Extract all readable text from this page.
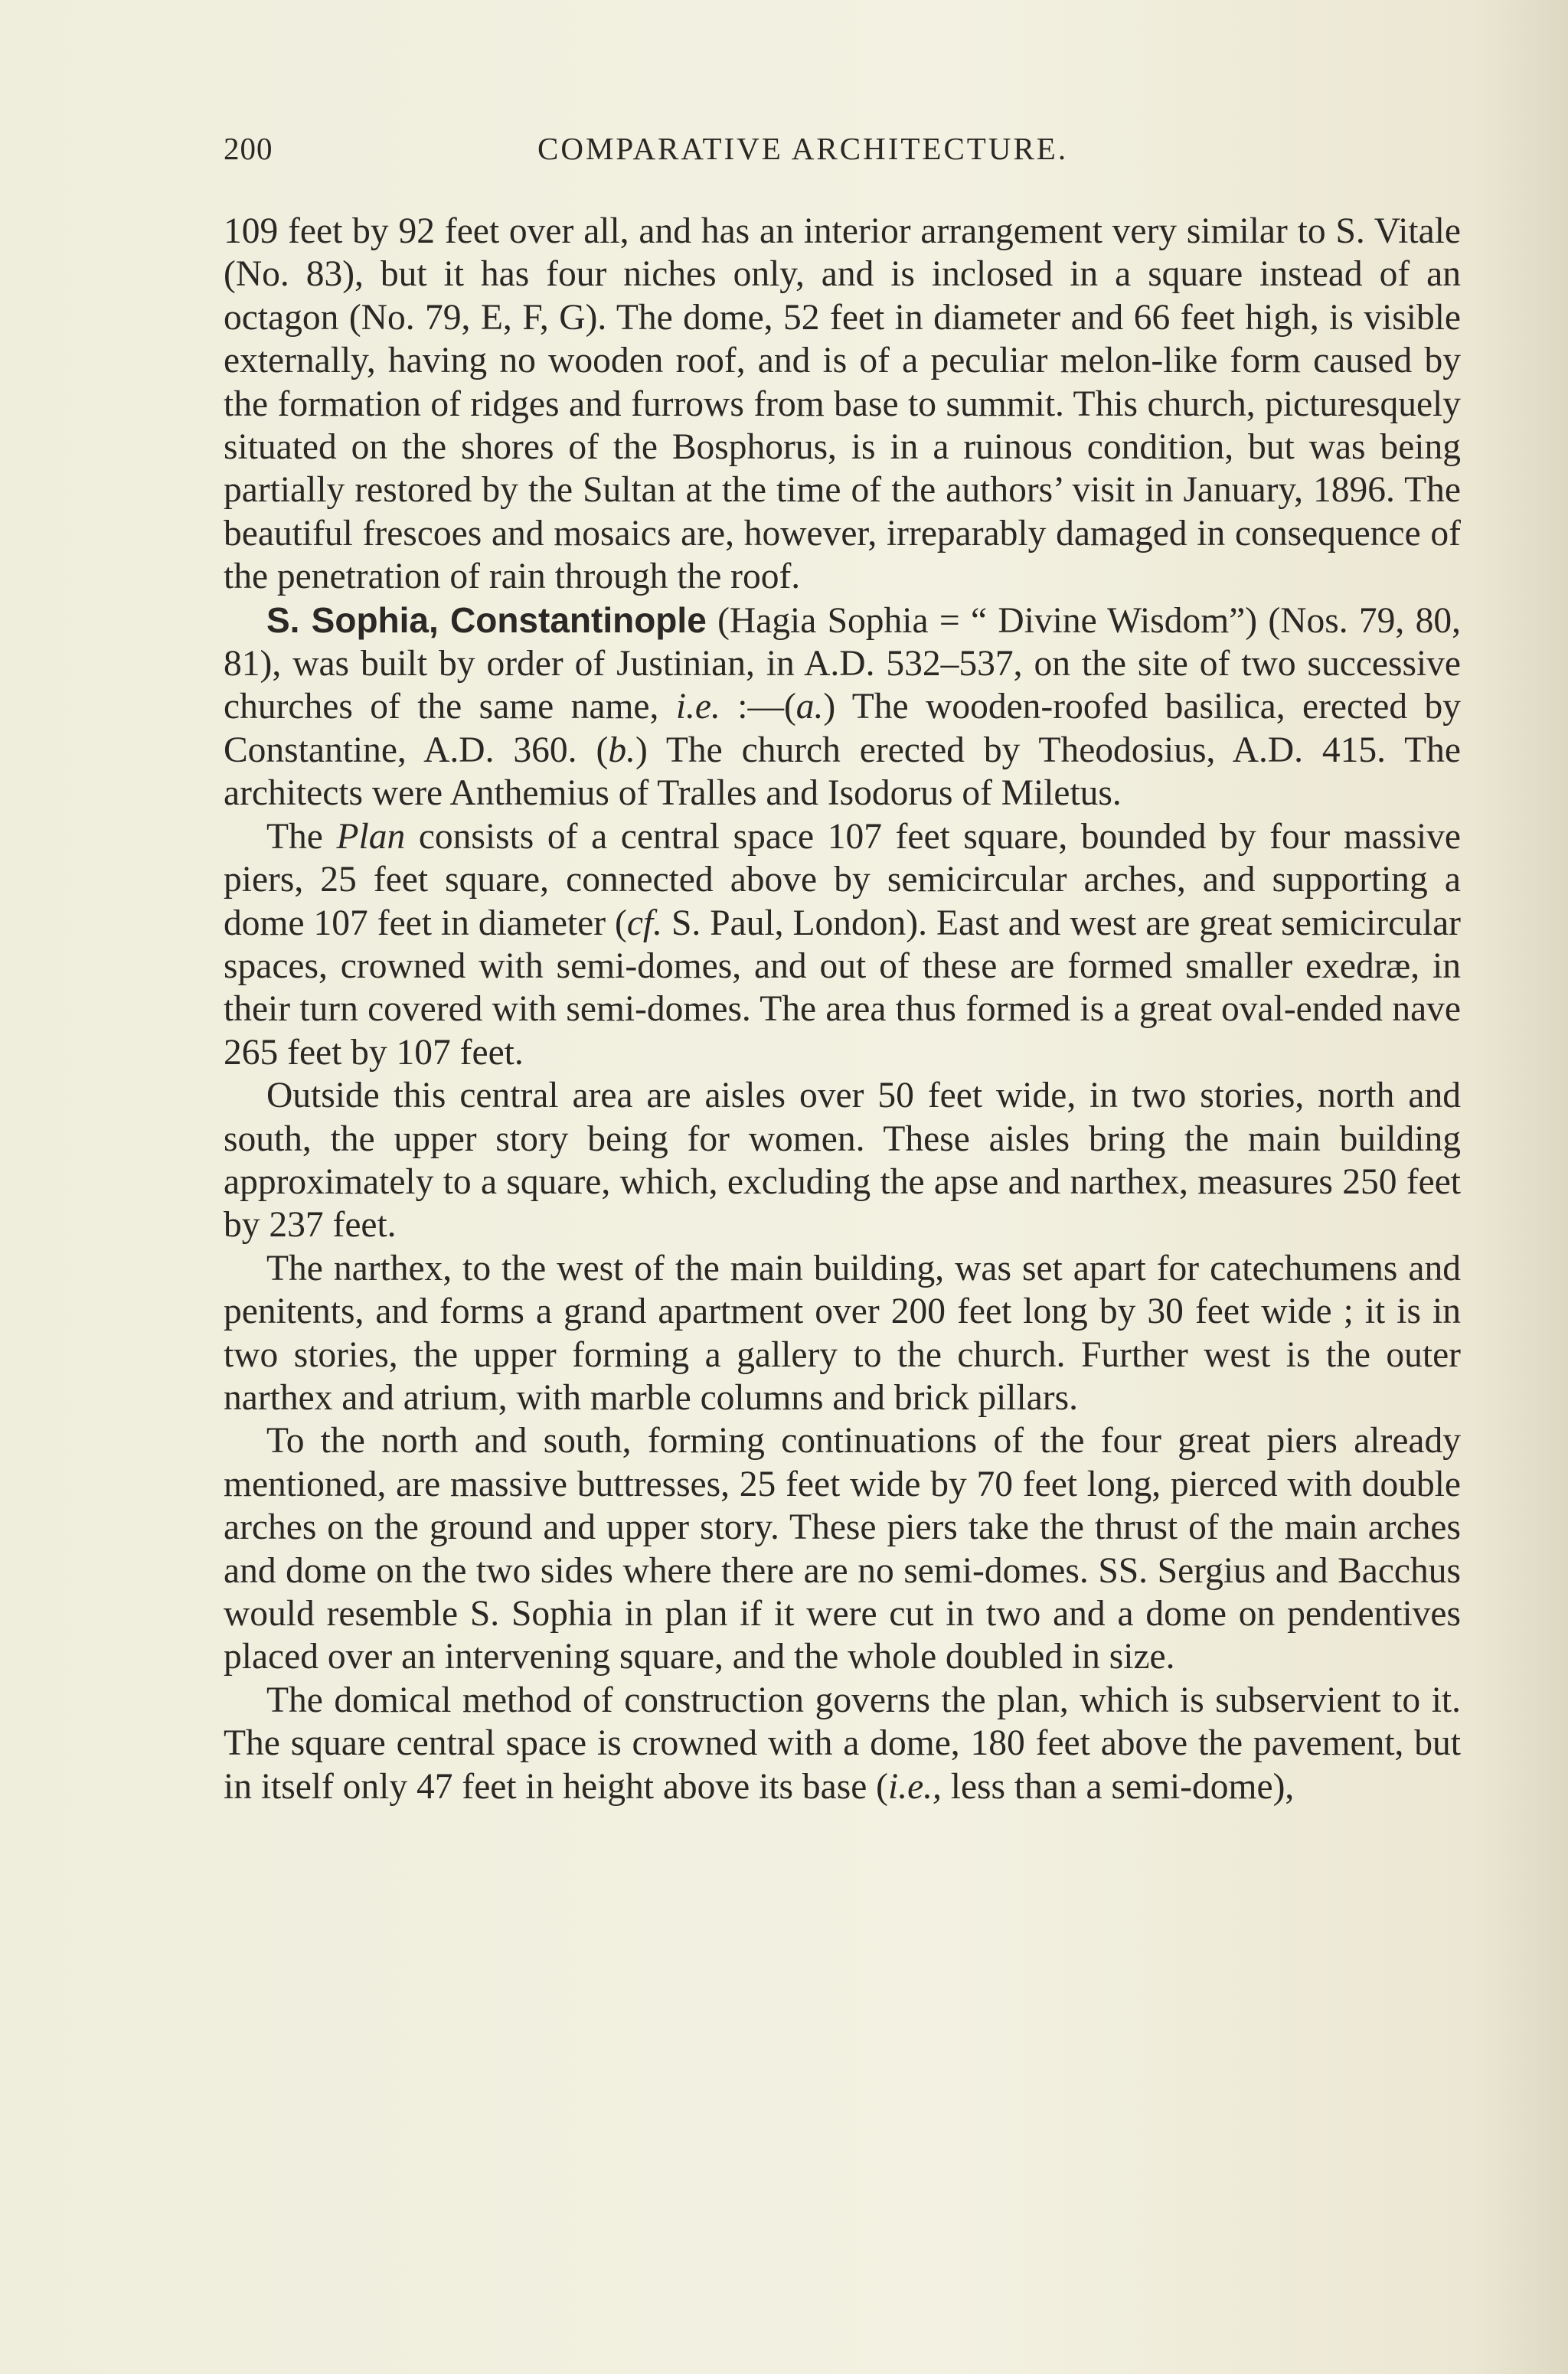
200	COMPARATIVE ARCHITECTURE.

109 feet by 92 feet over all, and has an interior arrangement very similar to S. Vitale (No. 83), but it has four niches only, and is inclosed in a square instead of an octagon (No. 79, E, F, G). The dome, 52 feet in diameter and 66 feet high, is visible externally, having no wooden roof, and is of a peculiar melon-like form caused by the formation of ridges and furrows from base to summit. This church, picturesquely situated on the shores of the Bosphorus, is in a ruinous condition, but was being partially restored by the Sultan at the time of the authors’ visit in January, 1896. The beautiful frescoes and mosaics are, however, irreparably damaged in consequence of the penetration of rain through the roof.

S. Sophia, Constantinople (Hagia Sophia = “ Divine Wisdom”) (Nos. 79, 80, 81), was built by order of Justinian, in A.D. 532–537, on the site of two successive churches of the same name, i.e. :—(a.) The wooden-roofed basilica, erected by Constantine, A.D. 360. (b.) The church erected by Theodosius, A.D. 415. The architects were Anthemius of Tralles and Isodorus of Miletus.

The Plan consists of a central space 107 feet square, bounded by four massive piers, 25 feet square, connected above by semicircular arches, and supporting a dome 107 feet in diameter (cf. S. Paul, London). East and west are great semicircular spaces, crowned with semi-domes, and out of these are formed smaller exedræ, in their turn covered with semi-domes. The area thus formed is a great oval-ended nave 265 feet by 107 feet.

Outside this central area are aisles over 50 feet wide, in two stories, north and south, the upper story being for women. These aisles bring the main building approximately to a square, which, excluding the apse and narthex, measures 250 feet by 237 feet.

The narthex, to the west of the main building, was set apart for catechumens and penitents, and forms a grand apartment over 200 feet long by 30 feet wide ; it is in two stories, the upper forming a gallery to the church. Further west is the outer narthex and atrium, with marble columns and brick pillars.

To the north and south, forming continuations of the four great piers already mentioned, are massive buttresses, 25 feet wide by 70 feet long, pierced with double arches on the ground and upper story. These piers take the thrust of the main arches and dome on the two sides where there are no semi-domes. SS. Sergius and Bacchus would resemble S. Sophia in plan if it were cut in two and a dome on pendentives placed over an intervening square, and the whole doubled in size.

The domical method of construction governs the plan, which is subservient to it. The square central space is crowned with a dome, 180 feet above the pavement, but in itself only 47 feet in height above its base (i.e., less than a semi-dome),
